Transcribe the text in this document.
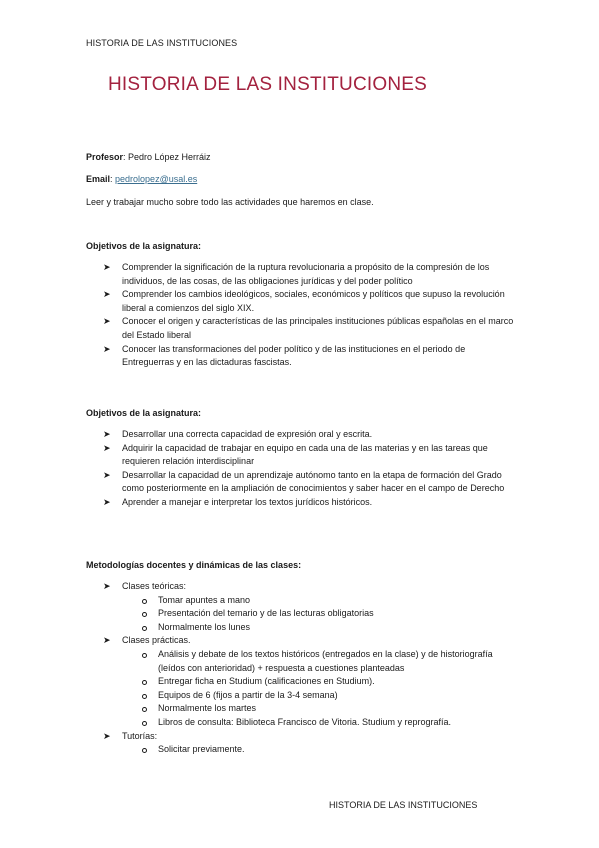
HISTORIA DE LAS INSTITUCIONES
HISTORIA DE LAS INSTITUCIONES
Profesor: Pedro López Herráiz
Email: pedrolopez@usal.es
Leer y trabajar mucho sobre todo las actividades que haremos en clase.
Objetivos de la asignatura:
➤ Comprender la significación de la ruptura revolucionaria a propósito de la compresión de los individuos, de las cosas, de las obligaciones jurídicas y del poder político
➤ Comprender los cambios ideológicos, sociales, económicos y políticos que supuso la revolución liberal a comienzos del siglo XIX.
➤ Conocer el origen y características de las principales instituciones públicas españolas en el marco del Estado liberal
➤ Conocer las transformaciones del poder político y de las instituciones en el periodo de Entreguerras y en las dictaduras fascistas.
Objetivos de la asignatura:
➤ Desarrollar una correcta capacidad de expresión oral y escrita.
➤ Adquirir la capacidad de trabajar en equipo en cada una de las materias y en las tareas que requieren relación interdisciplinar
➤ Desarrollar la capacidad de un aprendizaje autónomo tanto en la etapa de formación del Grado como posteriormente en la ampliación de conocimientos y saber hacer en el campo de Derecho
➤ Aprender a manejar e interpretar los textos jurídicos históricos.
Metodologías docentes y dinámicas de las clases:
➤ Clases teóricas:
Tomar apuntes a mano
Presentación del temario y de las lecturas obligatorias
Normalmente los lunes
➤ Clases prácticas.
Análisis y debate de los textos históricos (entregados en la clase) y de historiografía (leídos con anterioridad) + respuesta a cuestiones planteadas
Entregar ficha en Studium (calificaciones en Studium).
Equipos de 6 (fijos a partir de la 3-4 semana)
Normalmente los martes
Libros de consulta: Biblioteca Francisco de Vitoria. Studium y reprografía.
➤ Tutorías:
Solicitar previamente.
HISTORIA DE LAS INSTITUCIONES
